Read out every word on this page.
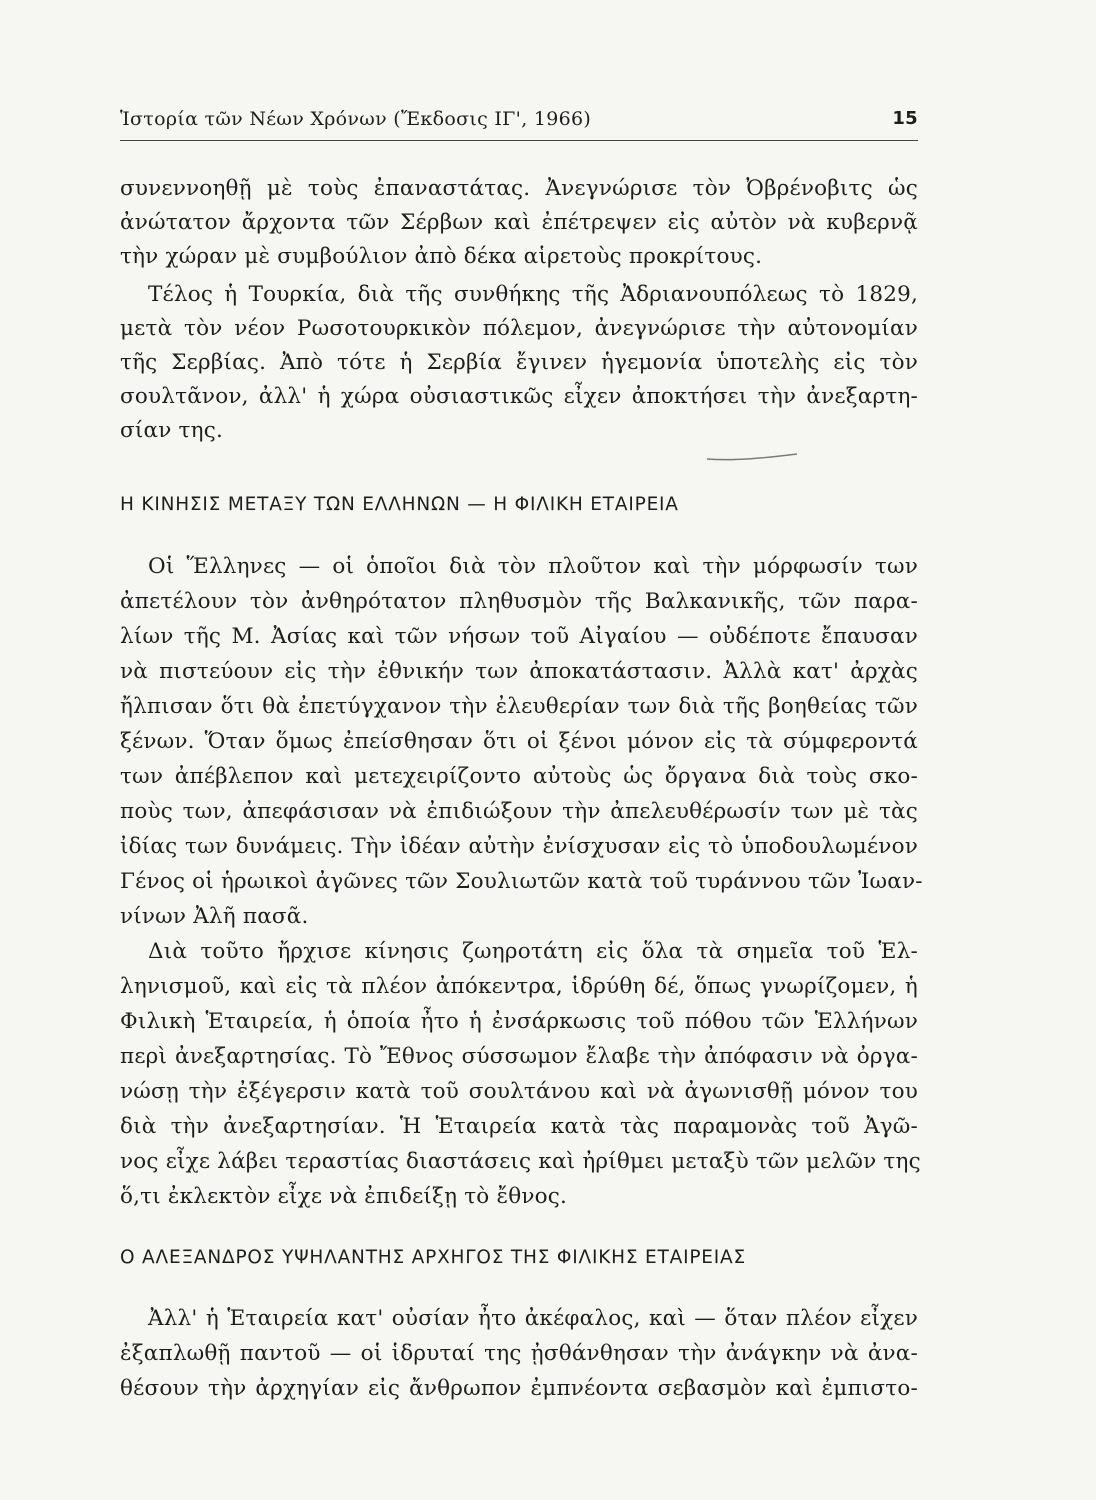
Ἱστορία τῶν Νέων Χρόνων (Ἔκδοσις ΙΓ', 1966)	15
συνεννοηθῇ μὲ τοὺς ἐπαναστάτας. Ἀνεγνώρισε τὸν Ὀβρένοβιτς ὡς
ἀνώτατον ἄρχοντα τῶν Σέρβων καὶ ἐπέτρεψεν εἰς αὐτὸν νὰ κυβερνᾷ
τὴν χώραν μὲ συμβούλιον ἀπὸ δέκα αἱρετοὺς προκρίτους.
Τέλος ἡ Τουρκία, διὰ τῆς συνθήκης τῆς Ἀδριανουπόλεως τὸ 1829,
μετὰ τὸν νέον Ρωσοτουρκικὸν πόλεμον, ἀνεγνώρισε τὴν αὐτονομίαν
τῆς Σερβίας. Ἀπὸ τότε ἡ Σερβία ἔγινεν ἡγεμονία ὑποτελὴς εἰς τὸν
σουλτᾶνον, ἀλλ' ἡ χώρα οὐσιαστικῶς εἶχεν ἀποκτήσει τὴν ἀνεξαρτη-
σίαν της.
Η ΚΙΝΗΣΙΣ ΜΕΤΑΞΥ ΤΩΝ ΕΛΛΗΝΩΝ — Η ΦΙΛΙΚΗ ΕΤΑΙΡΕΙΑ
Οἱ Ἕλληνες — οἱ ὁποῖοι διὰ τὸν πλοῦτον καὶ τὴν μόρφωσίν των
ἀπετέλουν τὸν ἀνθηρότατον πληθυσμὸν τῆς Βαλκανικῆς, τῶν παρα-
λίων τῆς Μ. Ἀσίας καὶ τῶν νήσων τοῦ Αἰγαίου — οὐδέποτε ἔπαυσαν
νὰ πιστεύουν εἰς τὴν ἐθνικήν των ἀποκατάστασιν. Ἀλλὰ κατ' ἀρχὰς
ἤλπισαν ὅτι θὰ ἐπετύγχανον τὴν ἐλευθερίαν των διὰ τῆς βοηθείας τῶν
ξένων. Ὅταν ὅμως ἐπείσθησαν ὅτι οἱ ξένοι μόνον εἰς τὰ σύμφεροντά
των ἀπέβλεπον καὶ μετεχειρίζοντο αὐτοὺς ὡς ὄργανα διὰ τοὺς σκο-
ποὺς των, ἀπεφάσισαν νὰ ἐπιδιώξουν τὴν ἀπελευθέρωσίν των μὲ τὰς
ἰδίας των δυνάμεις. Τὴν ἰδέαν αὐτὴν ἐνίσχυσαν εἰς τὸ ὑποδουλωμένον
Γένος οἱ ἡρωικοὶ ἀγῶνες τῶν Σουλιωτῶν κατὰ τοῦ τυράννου τῶν Ἰωαν-
νίνων Ἀλῆ πασᾶ.
Διὰ τοῦτο ἤρχισε κίνησις ζωηροτάτη εἰς ὅλα τὰ σημεῖα τοῦ Ἑλ-
ληνισμοῦ, καὶ εἰς τὰ πλέον ἀπόκεντρα, ἱδρύθη δέ, ὅπως γνωρίζομεν, ἡ
Φιλικὴ Ἑταιρεία, ἡ ὁποία ἦτο ἡ ἐνσάρκωσις τοῦ πόθου τῶν Ἑλλήνων
περὶ ἀνεξαρτησίας. Τὸ Ἔθνος σύσσωμον ἔλαβε τὴν ἀπόφασιν νὰ ὀργα-
νώσῃ τὴν ἐξέγερσιν κατὰ τοῦ σουλτάνου καὶ νὰ ἀγωνισθῇ μόνον του
διὰ τὴν ἀνεξαρτησίαν. Ἡ Ἑταιρεία κατὰ τὰς παραμονὰς τοῦ Ἀγῶ-
νος εἶχε λάβει τεραστίας διαστάσεις καὶ ἠρίθμει μεταξὺ τῶν μελῶν της
ὅ,τι ἐκλεκτὸν εἶχε νὰ ἐπιδείξῃ τὸ ἔθνος.
Ο ΑΛΕΞΑΝΔΡΟΣ ΥΨΗΛΑΝΤΗΣ ΑΡΧΗΓΟΣ ΤΗΣ ΦΙΛΙΚΗΣ ΕΤΑΙΡΕΙΑΣ
Ἀλλ' ἡ Ἑταιρεία κατ' οὐσίαν ἦτο ἀκέφαλος, καὶ — ὅταν πλέον εἶχεν
ἐξαπλωθῇ παντοῦ — οἱ ἱδρυταί της ᾐσθάνθησαν τὴν ἀνάγκην νὰ ἀνα-
θέσουν τὴν ἀρχηγίαν εἰς ἄνθρωπον ἐμπνέοντα σεβασμὸν καὶ ἐμπιστο-
